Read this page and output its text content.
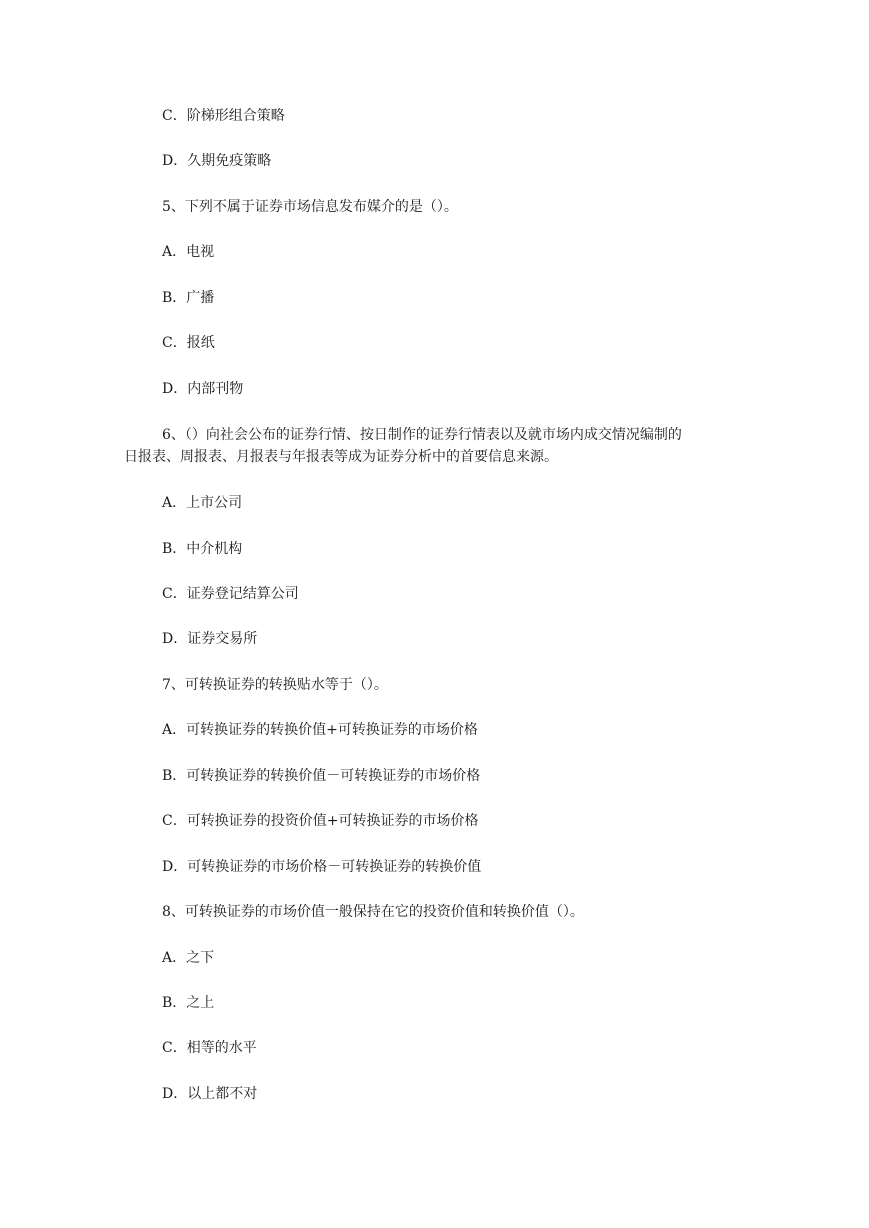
C．阶梯形组合策略
D．久期免疫策略
5、下列不属于证券市场信息发布媒介的是（）。
A．电视
B．广播
C．报纸
D．内部刊物
6、（）向社会公布的证券行情、按日制作的证券行情表以及就市场内成交情况编制的
日报表、周报表、月报表与年报表等成为证券分析中的首要信息来源。
A．上市公司
B．中介机构
C．证券登记结算公司
D．证券交易所
7、可转换证券的转换贴水等于（）。
A．可转换证券的转换价值+可转换证券的市场价格
B．可转换证券的转换价值－可转换证券的市场价格
C．可转换证券的投资价值+可转换证券的市场价格
D．可转换证券的市场价格－可转换证券的转换价值
8、可转换证券的市场价值一般保持在它的投资价值和转换价值（）。
A．之下
B．之上
C．相等的水平
D．以上都不对
